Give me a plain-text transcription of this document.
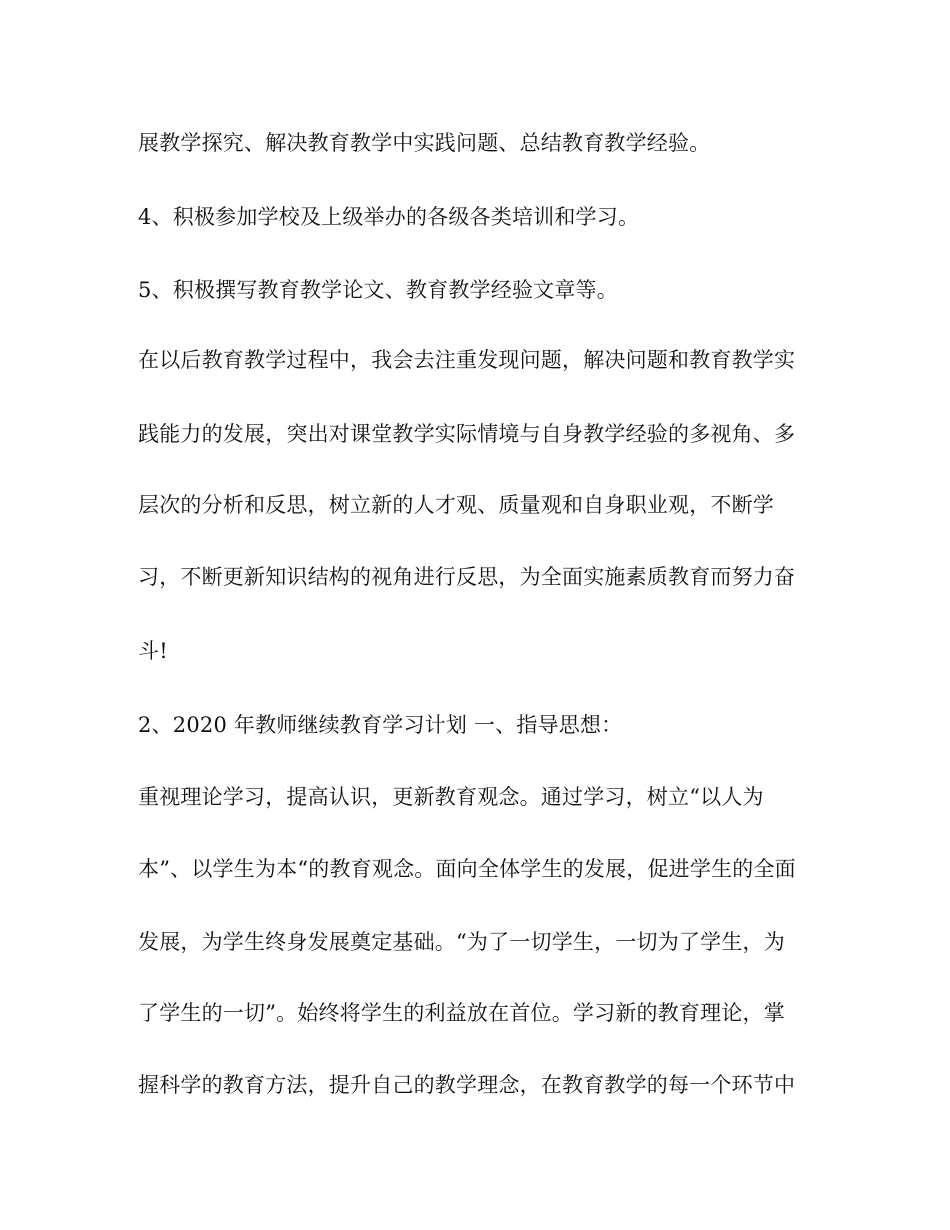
展教学探究、解决教育教学中实践问题、总结教育教学经验。

4、积极参加学校及上级举办的各级各类培训和学习。

5、积极撰写教育教学论文、教育教学经验文章等。

在以后教育教学过程中，我会去注重发现问题，解决问题和教育教学实

践能力的发展，突出对课堂教学实际情境与自身教学经验的多视角、多

层次的分析和反思，树立新的人才观、质量观和自身职业观，不断学

习，不断更新知识结构的视角进行反思，为全面实施素质教育而努力奋

斗!

2、2020 年教师继续教育学习计划 一、指导思想：

重视理论学习，提高认识，更新教育观念。通过学习，树立“以人为

本”、以学生为本“的教育观念。面向全体学生的发展，促进学生的全面

发展，为学生终身发展奠定基础。“为了一切学生，一切为了学生，为

了学生的一切”。始终将学生的利益放在首位。学习新的教育理论，掌

握科学的教育方法，提升自己的教学理念，在教育教学的每一个环节中
